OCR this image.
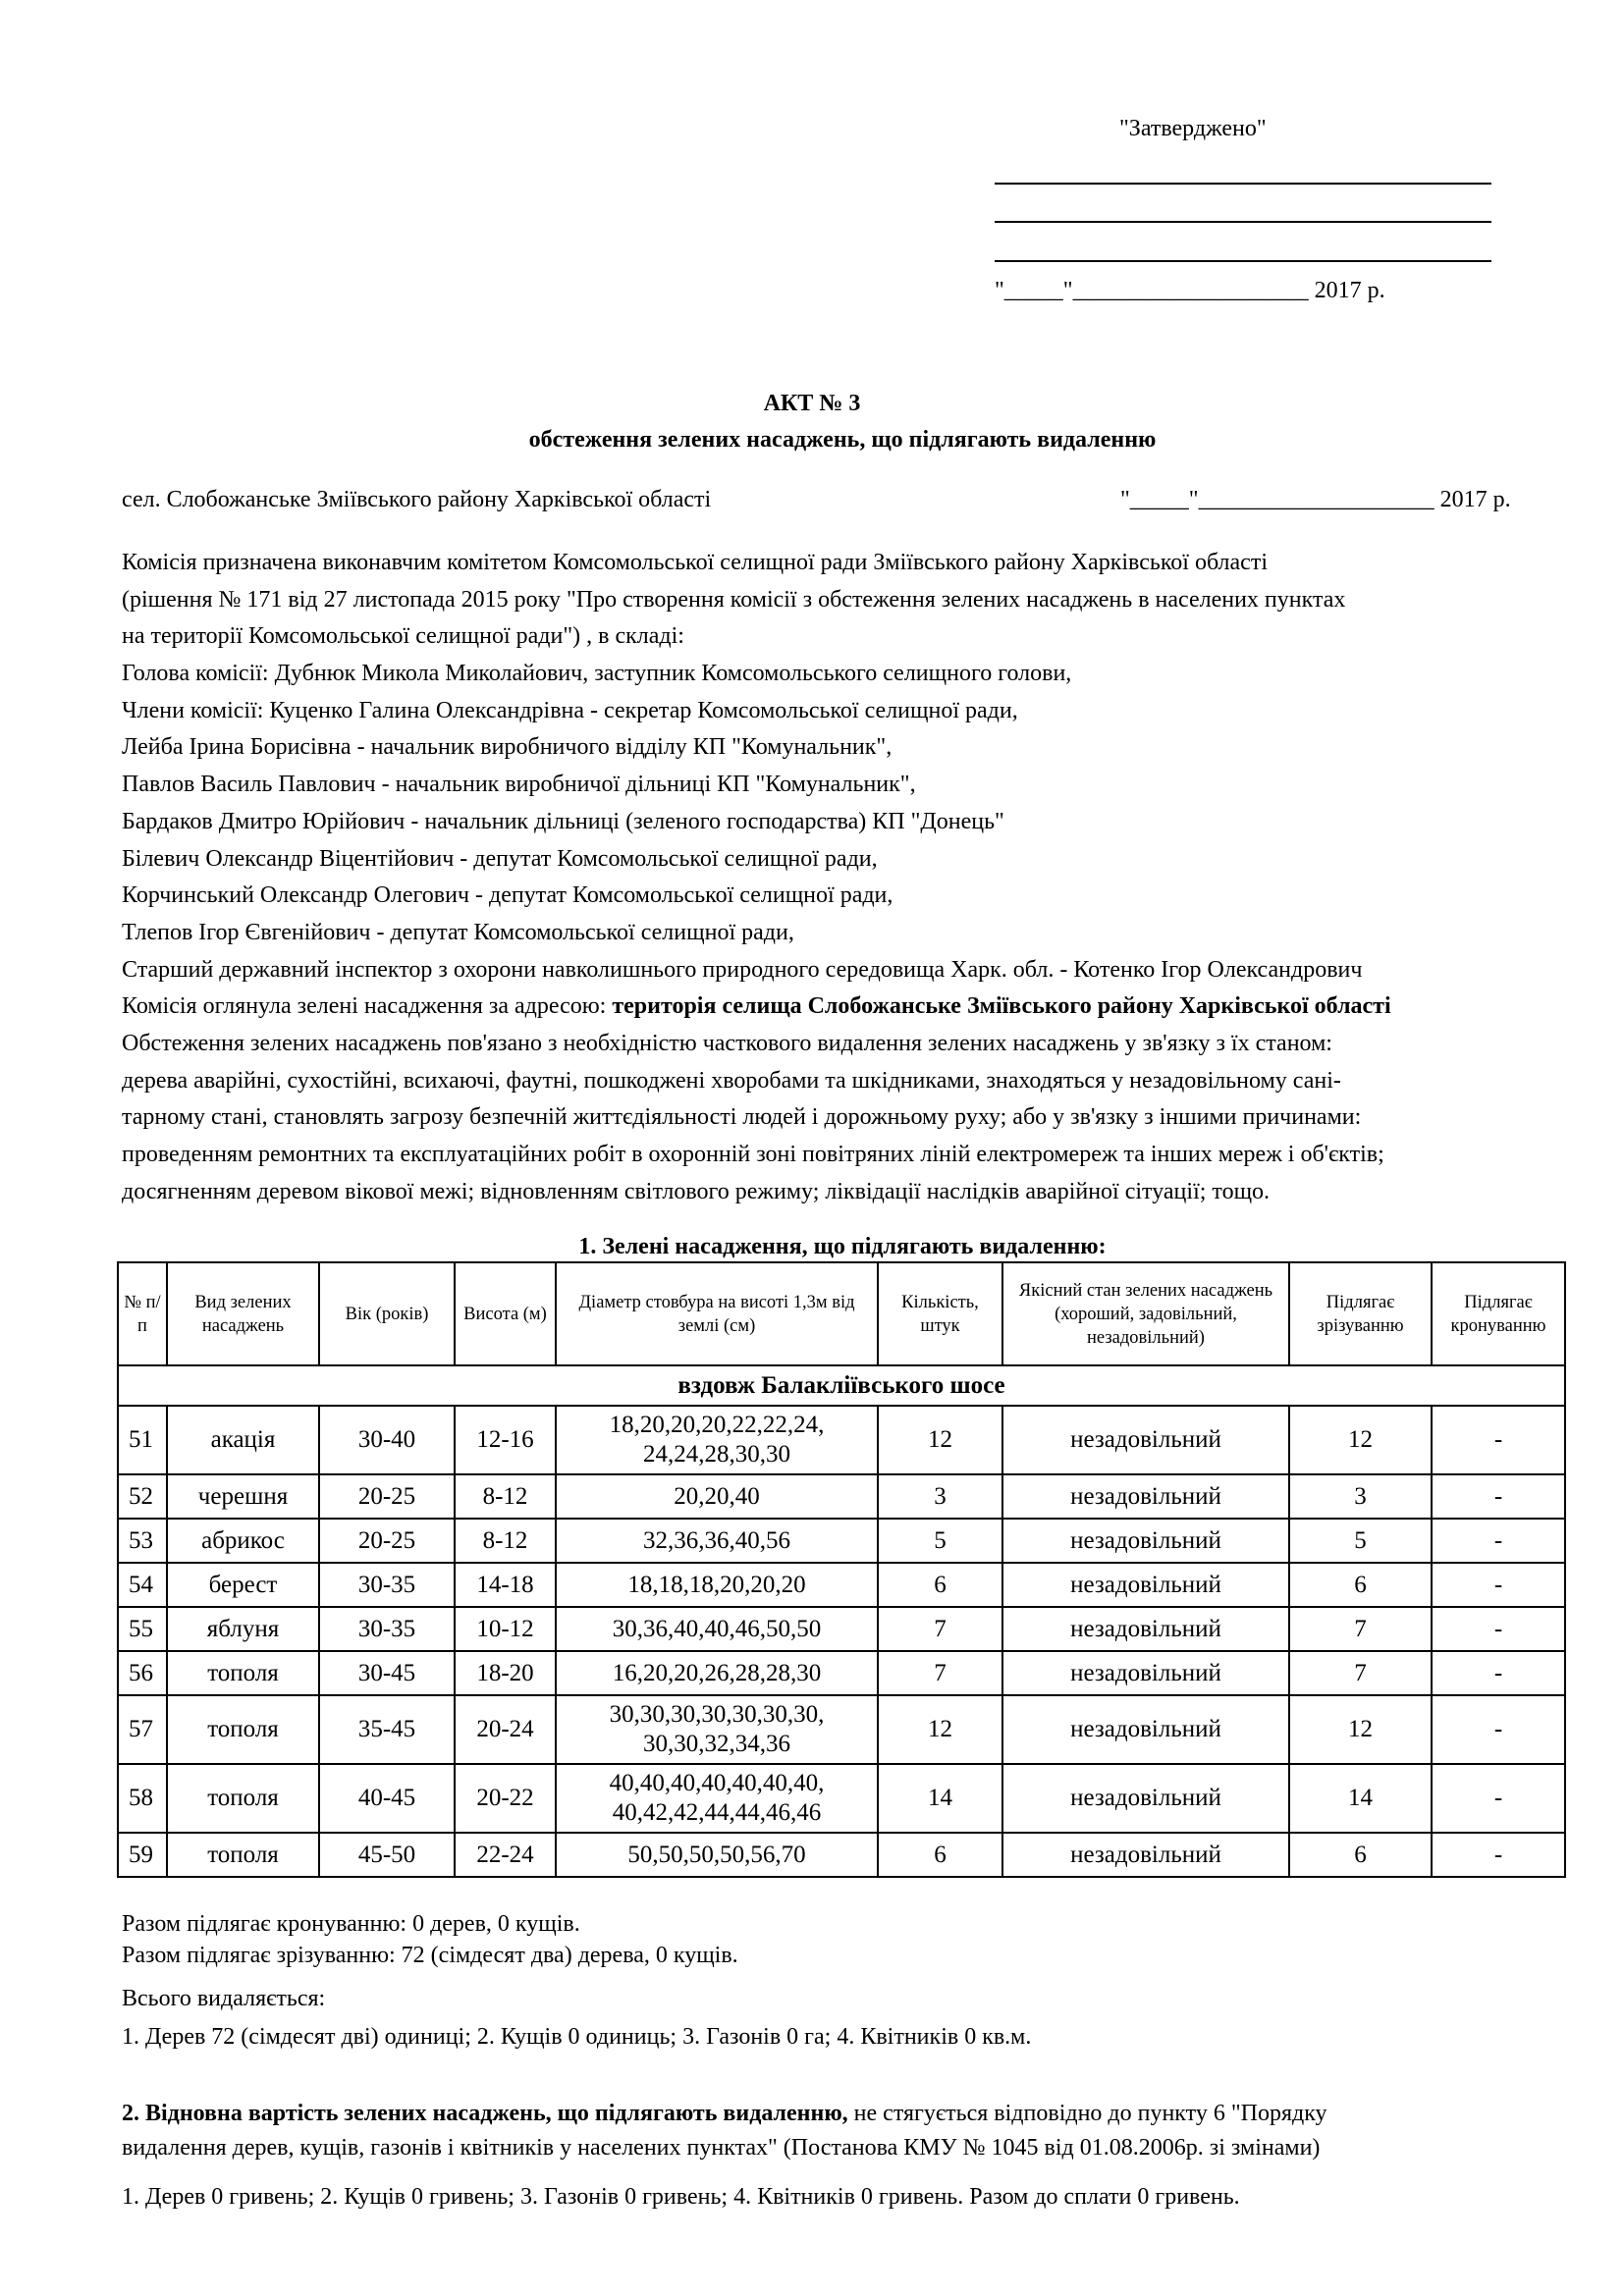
"Затверджено"
"_____"____________________ 2017 р.
АКТ № 3
обстеження зелених насаджень, що підлягають видаленню
сел. Слобожанське Зміївського району Харківської області	"_____"____________________ 2017 р.
Комісія призначена виконавчим комітетом Комсомольської селищної ради Зміївського району Харківської області
(рішення № 171 від 27 листопада 2015 року "Про створення комісії з обстеження зелених насаджень в населених пунктах
на території Комсомольської селищної ради") , в складі:
Голова комісії: Дубнюк Микола Миколайович, заступник Комсомольського селищного голови,
Члени комісії: Куценко Галина Олександрівна - секретар Комсомольської селищної ради,
Лейба Ірина Борисівна - начальник виробничого відділу КП "Комунальник",
Павлов Василь Павлович - начальник виробничої дільниці КП "Комунальник",
Бардаков Дмитро Юрійович - начальник дільниці (зеленого господарства) КП "Донець"
Білевич Олександр Віцентійович - депутат Комсомольської селищної ради,
Корчинський Олександр Олегович - депутат Комсомольської селищної ради,
Тлепов Ігор Євгенійович - депутат Комсомольської селищної ради,
Старший державний інспектор з охорони навколишнього природного середовища Харк. обл. - Котенко Ігор Олександрович
Комісія оглянула зелені насадження за адресою: територія селища Слобожанське Зміївського району Харківської області
Обстеження зелених насаджень пов'язано з необхідністю часткового видалення зелених насаджень у зв'язку з їх станом:
дерева аварійні, сухостійні, всихаючі, фаутні, пошкоджені хворобами та шкідниками, знаходяться у незадовільному сані-
тарному стані, становлять загрозу безпечній життєдіяльності людей і дорожньому руху; або у зв'язку з іншими причинами:
проведенням ремонтних та експлуатаційних робіт в охоронній зоні повітряних ліній електромереж та інших мереж і об'єктів;
досягненням деревом вікової межі; відновленням світлового режиму; ліквідації наслідків аварійної сітуації; тощо.
1. Зелені насадження, що підлягають видаленню:
№ п/п	Вид зелених насаджень	Вік (років)	Висота (м)	Діаметр стовбура на висоті 1,3м від землі (см)	Кількість, штук	Якісний стан зелених насаджень (хороший, задовільний, незадовільний)	Підлягає зрізуванню	Підлягає кронуванню
вздовж Балакліївського шосе								
51	акація	30-40	12-16	18,20,20,20,22,22,24,
24,24,28,30,30	12	незадовільний	12	-
52	черешня	20-25	8-12	20,20,40	3	незадовільний	3	-
53	абрикос	20-25	8-12	32,36,36,40,56	5	незадовільний	5	-
54	берест	30-35	14-18	18,18,18,20,20,20	6	незадовільний	6	-
55	яблуня	30-35	10-12	30,36,40,40,46,50,50	7	незадовільний	7	-
56	тополя	30-45	18-20	16,20,20,26,28,28,30	7	незадовільний	7	-
57	тополя	35-45	20-24	30,30,30,30,30,30,30,
30,30,32,34,36	12	незадовільний	12	-
58	тополя	40-45	20-22	40,40,40,40,40,40,40,
40,42,42,44,44,46,46	14	незадовільний	14	-
59	тополя	45-50	22-24	50,50,50,50,56,70	6	незадовільний	6	-
Разом підлягає кронуванню: 0 дерев, 0 кущів.
Разом підлягає зрізуванню: 72 (сімдесят два) дерева, 0 кущів.
Всього видаляється:
1. Дерев 72 (сімдесят дві) одиниці; 2. Кущів 0 одиниць; 3. Газонів 0 га; 4. Квітників 0 кв.м.
2. Відновна вартість зелених насаджень, що підлягають видаленню, не стягується відповідно до пункту 6 "Порядку
видалення дерев, кущів, газонів і квітників у населених пунктах" (Постанова КМУ № 1045 від 01.08.2006р. зі змінами)
1. Дерев 0 гривень; 2. Кущів 0 гривень; 3. Газонів 0 гривень; 4. Квітників 0 гривень. Разом до сплати 0 гривень.
